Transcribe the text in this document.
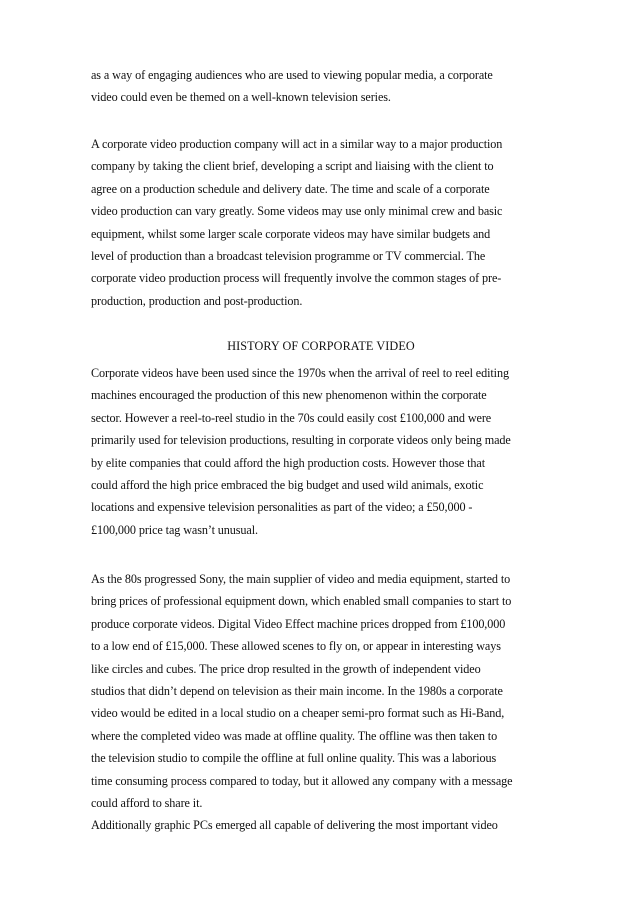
as a way of engaging audiences who are used to viewing popular media, a corporate
video could even be themed on a well-known television series.
A corporate video production company will act in a similar way to a major production
company by taking the client brief, developing a script and liaising with the client to
agree on a production schedule and delivery date. The time and scale of a corporate
video production can vary greatly. Some videos may use only minimal crew and basic
equipment, whilst some larger scale corporate videos may have similar budgets and
level of production than a broadcast television programme or TV commercial. The
corporate video production process will frequently involve the common stages of pre-
production, production and post-production.
HISTORY OF CORPORATE VIDEO
Corporate videos have been used since the 1970s when the arrival of reel to reel editing
machines encouraged the production of this new phenomenon within the corporate
sector. However a reel-to-reel studio in the 70s could easily cost £100,000 and were
primarily used for television productions, resulting in corporate videos only being made
by elite companies that could afford the high production costs. However those that
could afford the high price embraced the big budget and used wild animals, exotic
locations and expensive television personalities as part of the video; a £50,000 -
£100,000 price tag wasn’t unusual.
As the 80s progressed Sony, the main supplier of video and media equipment, started to
bring prices of professional equipment down, which enabled small companies to start to
produce corporate videos. Digital Video Effect machine prices dropped from £100,000
to a low end of £15,000. These allowed scenes to fly on, or appear in interesting ways
like circles and cubes. The price drop resulted in the growth of independent video
studios that didn’t depend on television as their main income. In the 1980s a corporate
video would be edited in a local studio on a cheaper semi-pro format such as Hi-Band,
where the completed video was made at offline quality. The offline was then taken to
the television studio to compile the offline at full online quality. This was a laborious
time consuming process compared to today, but it allowed any company with a message
could afford to share it.
Additionally graphic PCs emerged all capable of delivering the most important video
